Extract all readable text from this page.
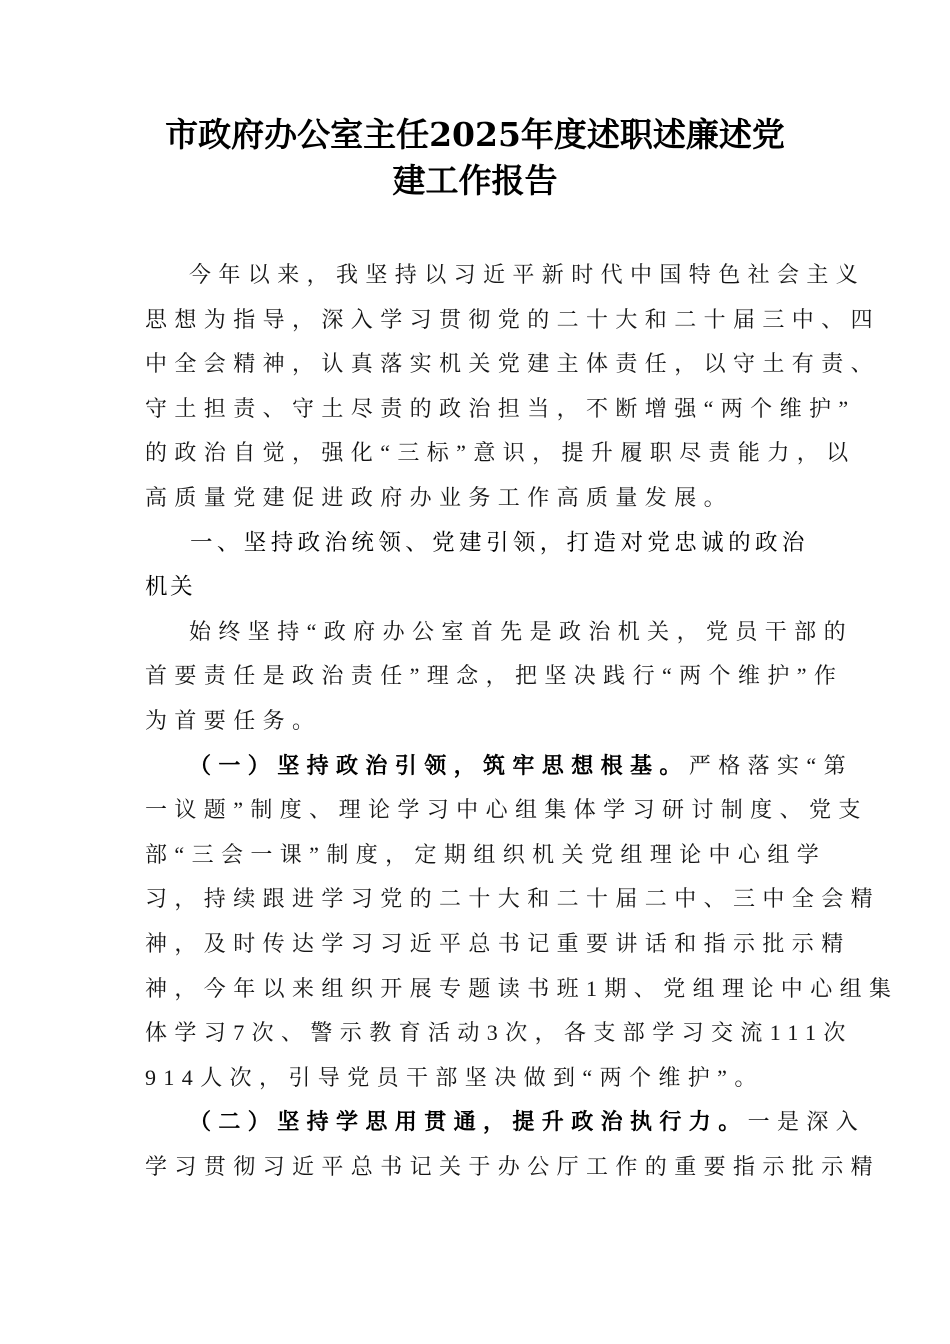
市政府办公室主任2025年度述职述廉述党
建工作报告

今年以来，我坚持以习近平新时代中国特色社会主义
思想为指导，深入学习贯彻党的二十大和二十届三中、四
中全会精神，认真落实机关党建主体责任，以守土有责、
守土担责、守土尽责的政治担当，不断增强“两个维护”
的政治自觉，强化“三标”意识，提升履职尽责能力，以
高质量党建促进政府办业务工作高质量发展。

一、坚持政治统领、党建引领，打造对党忠诚的政治
机关

始终坚持“政府办公室首先是政治机关，党员干部的
首要责任是政治责任”理念，把坚决践行“两个维护”作
为首要任务。

（一）坚持政治引领，筑牢思想根基。严格落实“第
一议题”制度、理论学习中心组集体学习研讨制度、党支
部“三会一课”制度，定期组织机关党组理论中心组学
习，持续跟进学习党的二十大和二十届二中、三中全会精
神，及时传达学习习近平总书记重要讲话和指示批示精
神，今年以来组织开展专题读书班1期、党组理论中心组集
体学习7次、警示教育活动3次，各支部学习交流111次
914人次，引导党员干部坚决做到“两个维护”。

（二）坚持学思用贯通，提升政治执行力。一是深入
学习贯彻习近平总书记关于办公厅工作的重要指示批示精
